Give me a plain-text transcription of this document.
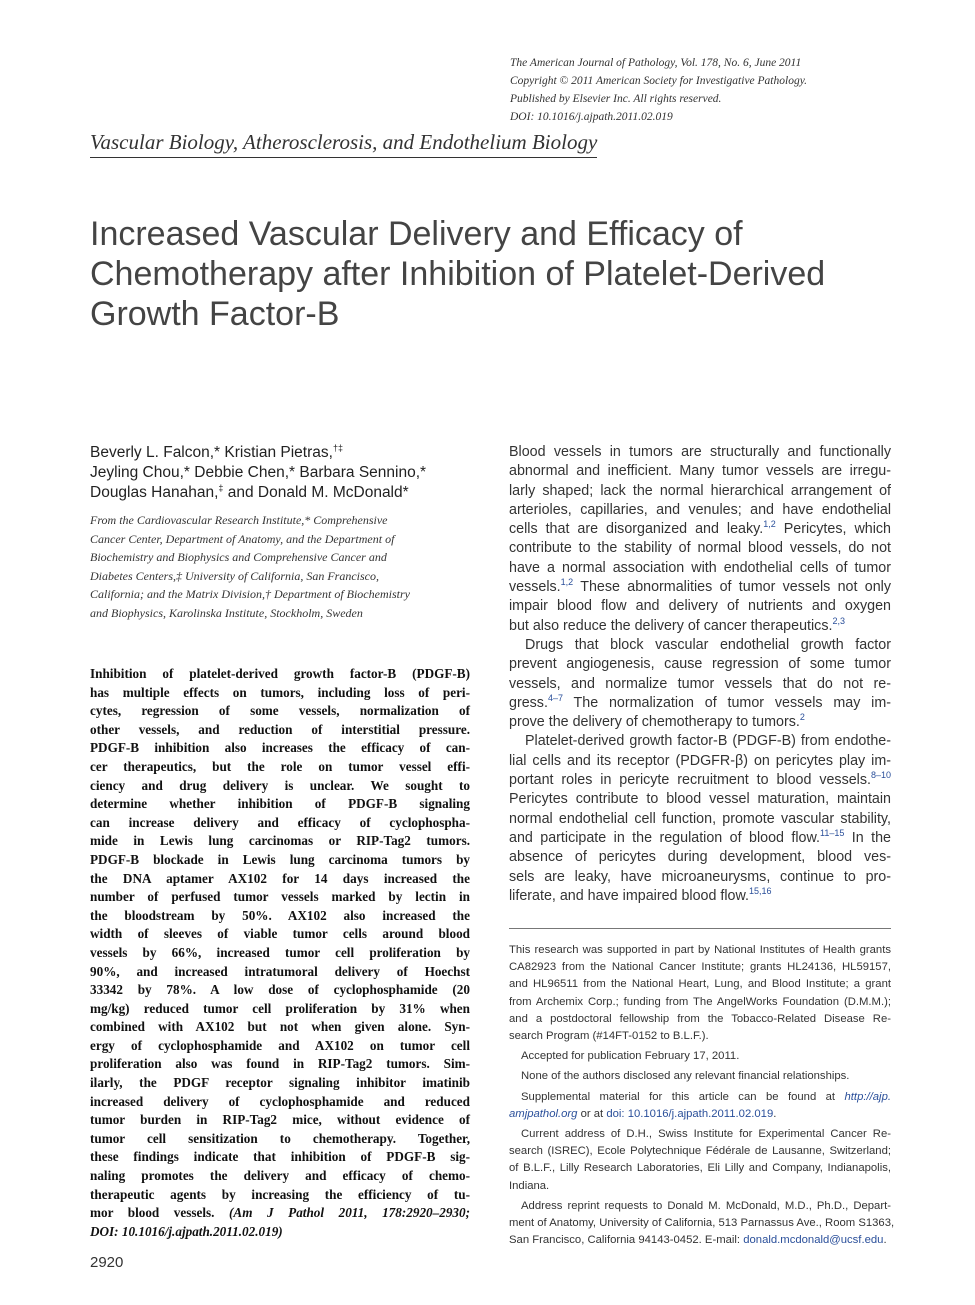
The American Journal of Pathology, Vol. 178, No. 6, June 2011
Copyright © 2011 American Society for Investigative Pathology.
Published by Elsevier Inc. All rights reserved.
DOI: 10.1016/j.ajpath.2011.02.019
Vascular Biology, Atherosclerosis, and Endothelium Biology
Increased Vascular Delivery and Efficacy of
Chemotherapy after Inhibition of Platelet-Derived
Growth Factor-B
Beverly L. Falcon,* Kristian Pietras,†‡
Jeyling Chou,* Debbie Chen,* Barbara Sennino,*
Douglas Hanahan,‡ and Donald M. McDonald*
From the Cardiovascular Research Institute,* Comprehensive
Cancer Center, Department of Anatomy, and the Department of
Biochemistry and Biophysics and Comprehensive Cancer and
Diabetes Centers,‡ University of California, San Francisco,
California; and the Matrix Division,† Department of Biochemistry
and Biophysics, Karolinska Institute, Stockholm, Sweden
Inhibition of platelet-derived growth factor-B (PDGF-B)
has multiple effects on tumors, including loss of peri-
cytes, regression of some vessels, normalization of
other vessels, and reduction of interstitial pressure.
PDGF-B inhibition also increases the efficacy of can-
cer therapeutics, but the role on tumor vessel effi-
ciency and drug delivery is unclear. We sought to
determine whether inhibition of PDGF-B signaling
can increase delivery and efficacy of cyclophospha-
mide in Lewis lung carcinomas or RIP-Tag2 tumors.
PDGF-B blockade in Lewis lung carcinoma tumors by
the DNA aptamer AX102 for 14 days increased the
number of perfused tumor vessels marked by lectin in
the bloodstream by 50%. AX102 also increased the
width of sleeves of viable tumor cells around blood
vessels by 66%, increased tumor cell proliferation by
90%, and increased intratumoral delivery of Hoechst
33342 by 78%. A low dose of cyclophosphamide (20
mg/kg) reduced tumor cell proliferation by 31% when
combined with AX102 but not when given alone. Syn-
ergy of cyclophosphamide and AX102 on tumor cell
proliferation also was found in RIP-Tag2 tumors. Sim-
ilarly, the PDGF receptor signaling inhibitor imatinib
increased delivery of cyclophosphamide and reduced
tumor burden in RIP-Tag2 mice, without evidence of
tumor cell sensitization to chemotherapy. Together,
these findings indicate that inhibition of PDGF-B sig-
naling promotes the delivery and efficacy of chemo-
therapeutic agents by increasing the efficiency of tu-
mor blood vessels. (Am J Pathol 2011, 178:2920–2930;
DOI: 10.1016/j.ajpath.2011.02.019)
Blood vessels in tumors are structurally and functionally
abnormal and inefficient. Many tumor vessels are irregu-
larly shaped; lack the normal hierarchical arrangement of
arterioles, capillaries, and venules; and have endothelial
cells that are disorganized and leaky.$^{1,2}$ Pericytes, which
contribute to the stability of normal blood vessels, do not
have a normal association with endothelial cells of tumor
vessels.$^{1,2}$ These abnormalities of tumor vessels not only
impair blood flow and delivery of nutrients and oxygen
but also reduce the delivery of cancer therapeutics.$^{2,3}$
Drugs that block vascular endothelial growth factor
prevent angiogenesis, cause regression of some tumor
vessels, and normalize tumor vessels that do not re-
gress.$^{4-7}$ The normalization of tumor vessels may im-
prove the delivery of chemotherapy to tumors.$^2$
Platelet-derived growth factor-B (PDGF-B) from endothe-
lial cells and its receptor (PDGFR-β) on pericytes play im-
portant roles in pericyte recruitment to blood vessels.$^{8-10}$
Pericytes contribute to blood vessel maturation, maintain
normal endothelial cell function, promote vascular stability,
and participate in the regulation of blood flow.$^{11-15}$ In the
absence of pericytes during development, blood ves-
sels are leaky, have microaneurysms, continue to pro-
liferate, and have impaired blood flow.$^{15,16}$
This research was supported in part by National Institutes of Health grants
CA82923 from the National Cancer Institute; grants HL24136, HL59157,
and HL96511 from the National Heart, Lung, and Blood Institute; a grant
from Archemix Corp.; funding from The AngelWorks Foundation (D.M.M.);
and a postdoctoral fellowship from the Tobacco-Related Disease Re-
search Program (#14FT-0152 to B.L.F.).
Accepted for publication February 17, 2011.
None of the authors disclosed any relevant financial relationships.
Supplemental material for this article can be found at http://ajp.
amjpathol.org or at doi: 10.1016/j.ajpath.2011.02.019.
Current address of D.H., Swiss Institute for Experimental Cancer Re-
search (ISREC), Ecole Polytechnique Fédérale de Lausanne, Switzerland;
of B.L.F., Lilly Research Laboratories, Eli Lilly and Company, Indianapolis,
Indiana.
Address reprint requests to Donald M. McDonald, M.D., Ph.D., Depart-
ment of Anatomy, University of California, 513 Parnassus Ave., Room S1363,
San Francisco, California 94143-0452. E-mail: donald.mcdonald@ucsf.edu.
2920
